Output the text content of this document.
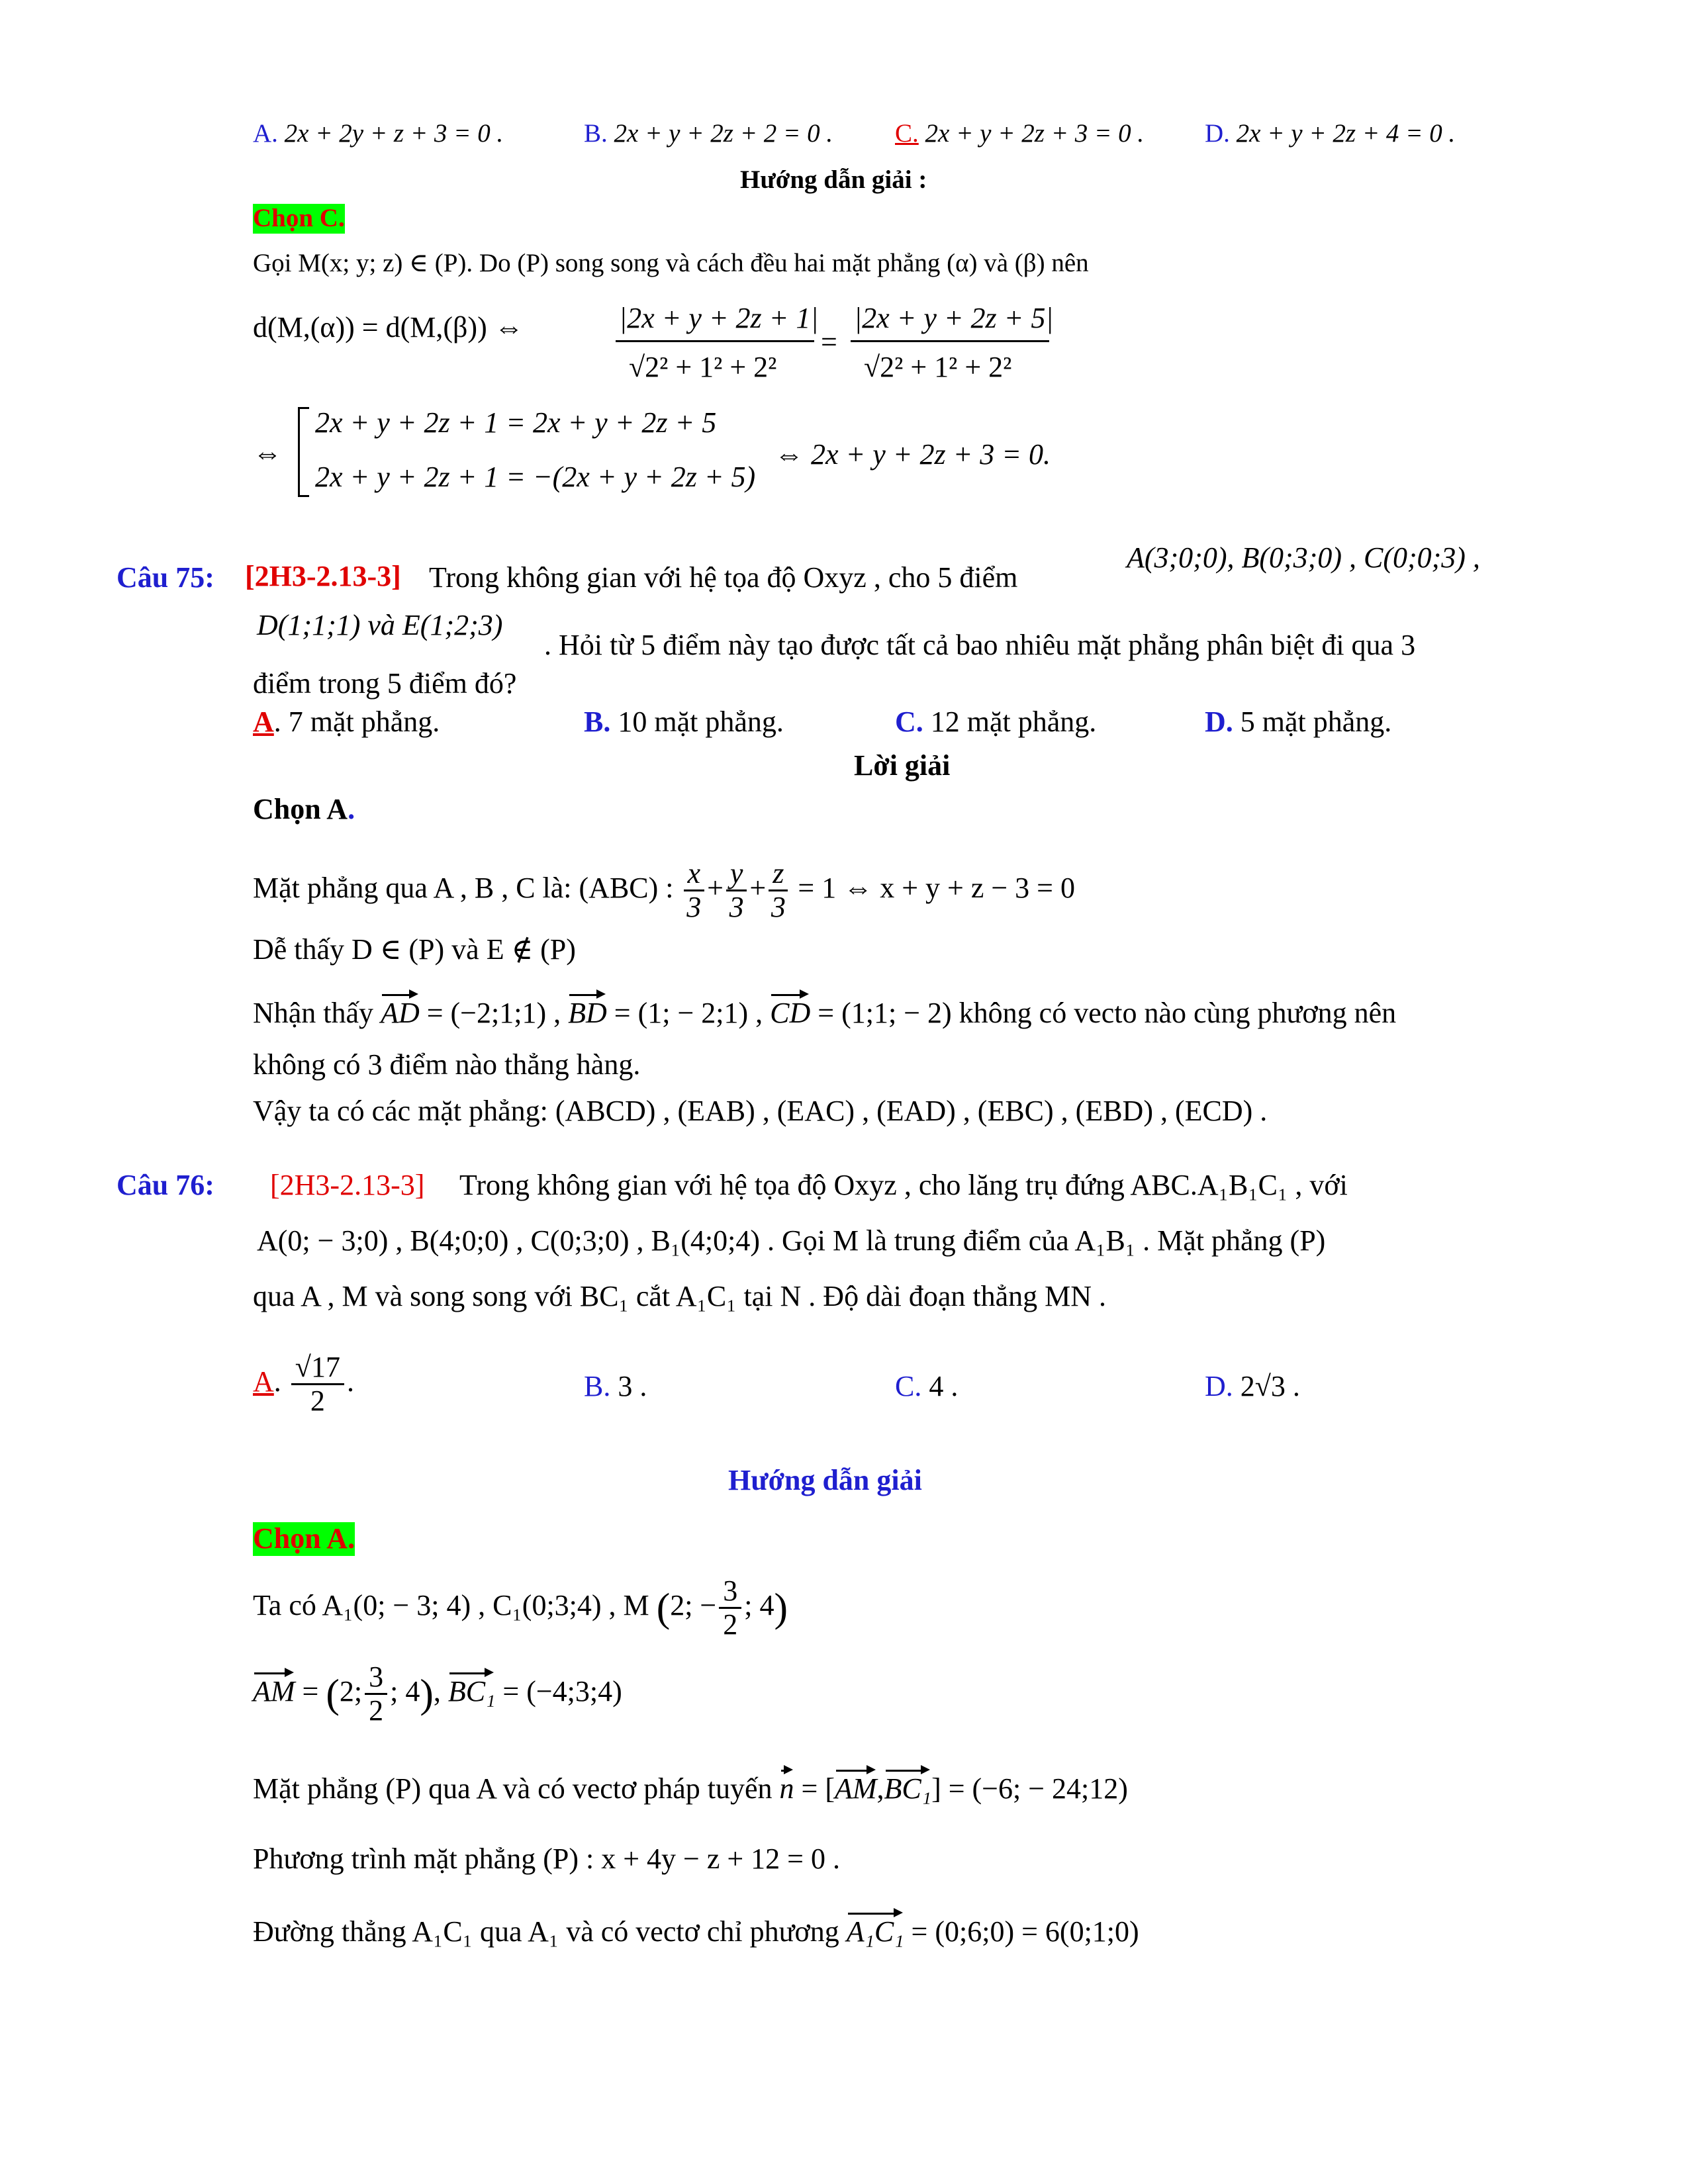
A. 2x + 2y + z + 3 = 0 .	B. 2x + y + 2z + 2 = 0 . C. 2x + y + 2z + 3 = 0 . D. 2x + y + 2z + 4 = 0 .
Hướng dẫn giải :
Chọn C.
Gọi M(x; y; z) ∈ (P). Do (P) song song và cách đều hai mặt phẳng (α) và (β) nên
d(M,(α)) = d(M,(β)) ⇔	|2x + y + 2z + 1|
√2² + 1² + 2²
=
|2x + y + 2z + 5|
√2² + 1² + 2²
⇔
2x + y + 2z + 1 = 2x + y + 2z + 5
2x + y + 2z + 1 = −(2x + y + 2z + 5)
⇔ 2x + y + 2z + 3 = 0.
Câu 75: [2H3-2.13-3] Trong không gian với hệ tọa độ Oxyz , cho 5 điểm
A(3;0;0), B(0;3;0) , C(0;0;3) ,
D(1;1;1) và E(1;2;3)
. Hỏi từ 5 điểm này tạo được tất cả bao nhiêu mặt phẳng phân biệt đi qua 3
điểm trong 5 điểm đó?
A. 7 mặt phẳng.	B. 10 mặt phẳng.	C. 12 mặt phẳng.	D. 5 mặt phẳng.
Lời giải
Chọn A.
Mặt phẳng qua A , B , C là: (ABC) : $\frac{x}{3} + \frac{y}{3} + \frac{z}{3} = 1$ ⇔ x + y + z − 3 = 0
Dễ thấy D ∈ (P) và E ∉ (P)
Nhận thấy AD = (−2;1;1) , BD = (1; − 2;1) , CD = (1;1; − 2) không có vecto nào cùng phương nên
không có 3 điểm nào thẳng hàng.
Vậy ta có các mặt phẳng: (ABCD) , (EAB) , (EAC) , (EAD) , (EBC) , (EBD) , (ECD) .
Câu 76: [2H3-2.13-3] Trong không gian với hệ tọa độ Oxyz , cho lăng trụ đứng ABC.A₁B₁C₁ , với
A(0; − 3;0) , B(4;0;0) , C(0;3;0) , B₁(4;0;4) . Gọi M là trung điểm của A₁B₁ . Mặt phẳng (P)
qua A , M và song song với BC₁ cắt A₁C₁ tại N . Độ dài đoạn thẳng MN .
A. $\frac{√17}{2}$ .	B. 3 .	C. 4 .	D. 2√3 .
Hướng dẫn giải
Chọn A.
Ta có A₁(0; − 3; 4) , C₁(0;3;4) , M (2; − $\frac{3}{2}$ ; 4)
AM = (2; $\frac{3}{2}$ ; 4), BC₁ = (−4;3;4)
Mặt phẳng (P) qua A và có vectơ pháp tuyến n = [AM,BC₁] = (−6; − 24;12)
Phương trình mặt phẳng (P) : x + 4y − z + 12 = 0 .
Đường thẳng A₁C₁ qua A₁ và có vectơ chỉ phương A₁C₁ = (0;6;0) = 6(0;1;0)
